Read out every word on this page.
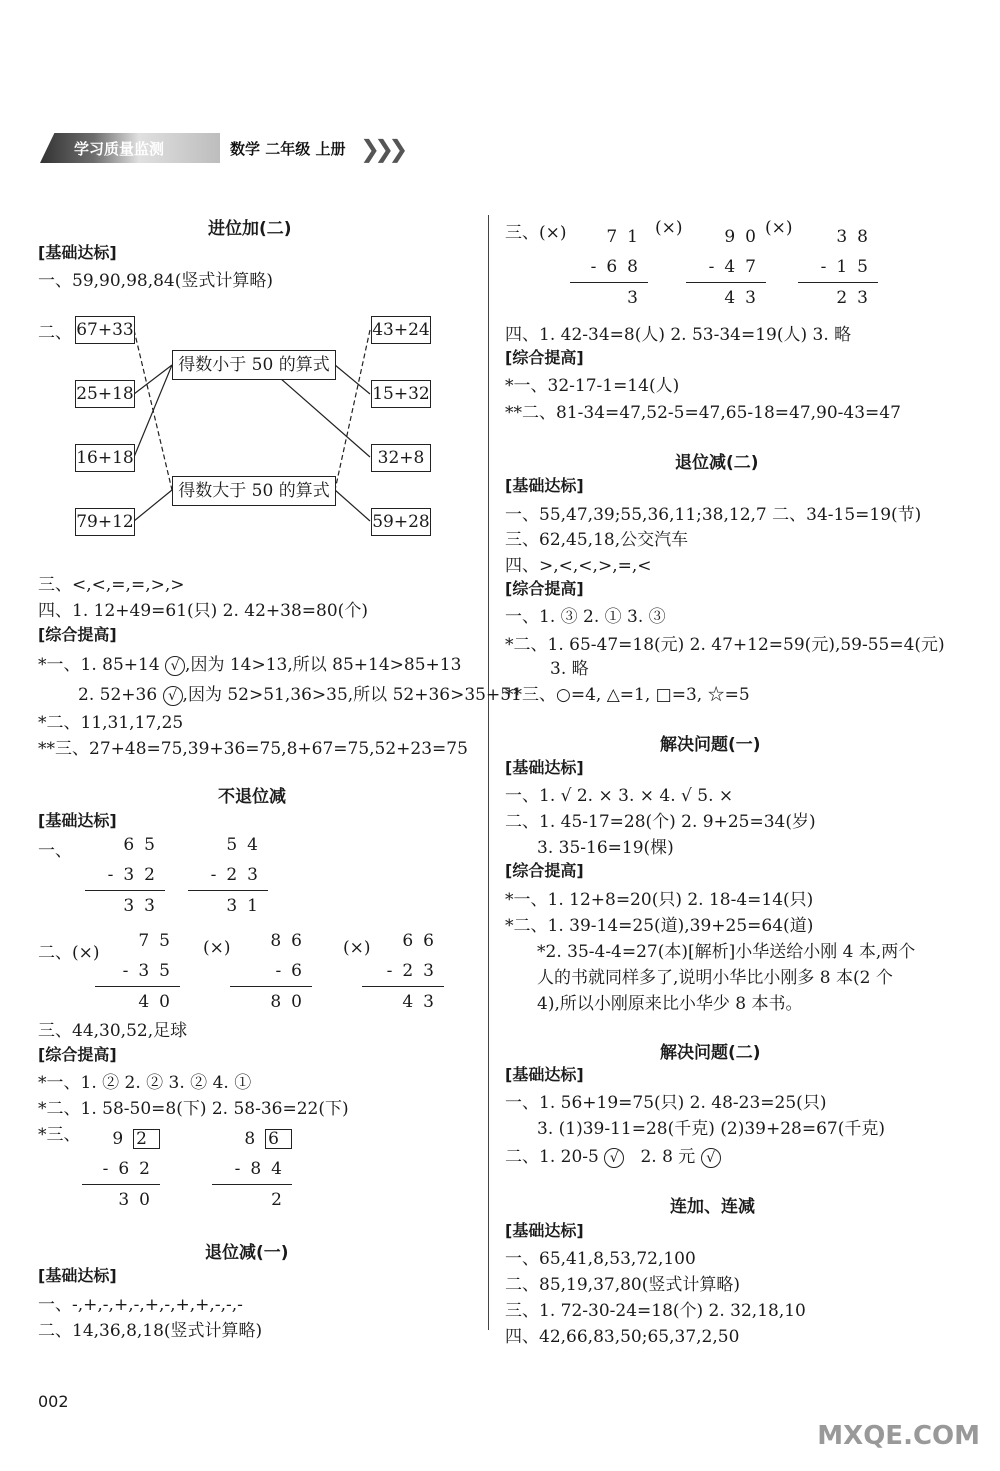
学习质量监测	数学 二年级 上册 ❯❯❯
进位加(二)
[基础达标]
一、59,90,98,84(竖式计算略)
二、 67+33
25+18
16+18
79+12
43+24
15+32
32+8
59+28
得数小于 50 的算式
得数大于 50 的算式
三、<,<,=,=,>,>
四、1. 12+49=61(只) 2. 42+38=80(个)
[综合提高]
*一、1. 85+14 √ ,因为 14>13,所以 85+14>85+13
2. 52+36 √ ,因为 52>51,36>35,所以 52+36>35+51
*二、11,31,17,25
**三、27+48=75,39+36=75,8+67=75,52+23=75
不退位减
[基础达标]
一、	65
-32
33
54
-23
31
二、(×)
75
-35
40
(×)	86
-6
80
(×)	66
-23
43
三、44,30,52,足球
[综合提高]
*一、1. ② 2. ② 3. ② 4. ①
*二、1. 58-50=8(下) 2. 58-36=22(下)
*三、	9 2
-62
30
8 6
-84
2
退位减(一)
[基础达标]
一、-,+,-,+,-,+,-,+,+,-,-,-
二、14,36,8,18(竖式计算略)
三、(×)	71
-68
3
(×)	90
-47
43
(×)	38
-15
23
四、1. 42-34=8(人) 2. 53-34=19(人) 3. 略
[综合提高]
*一、32-17-1=14(人)
**二、81-34=47,52-5=47,65-18=47,90-43=47
退位减(二)
[基础达标]
一、55,47,39;55,36,11;38,12,7 二、34-15=19(节)
三、62,45,18,公交汽车
四、>,<,<,>,=,<
[综合提高]
一、1. ③ 2. ① 3. ③
*二、1. 65-47=18(元) 2. 47+12=59(元),59-55=4(元)
3. 略
**三、○=4, △=1, □=3, ☆=5
解决问题(一)
[基础达标]
一、1. √ 2. × 3. × 4. √ 5. ×
二、1. 45-17=28(个) 2. 9+25=34(岁)
3. 35-16=19(棵)
[综合提高]
*一、1. 12+8=20(只) 2. 18-4=14(只)
*二、1. 39-14=25(道),39+25=64(道)
*2. 35-4-4=27(本)[解析]小华送给小刚 4 本,两个
人的书就同样多了,说明小华比小刚多 8 本(2 个
4),所以小刚原来比小华少 8 本书。
解决问题(二)
[基础达标]
一、1. 56+19=75(只) 2. 48-23=25(只)
3. (1)39-11=28(千克) (2)39+28=67(千克)
二、1. 20-5 √ 2. 8 元 √
连加、连减
[基础达标]
一、65,41,8,53,72,100
二、85,19,37,80(竖式计算略)
三、1. 72-30-24=18(个) 2. 32,18,10
四、42,66,83,50;65,37,2,50
002
MXQE.COM
